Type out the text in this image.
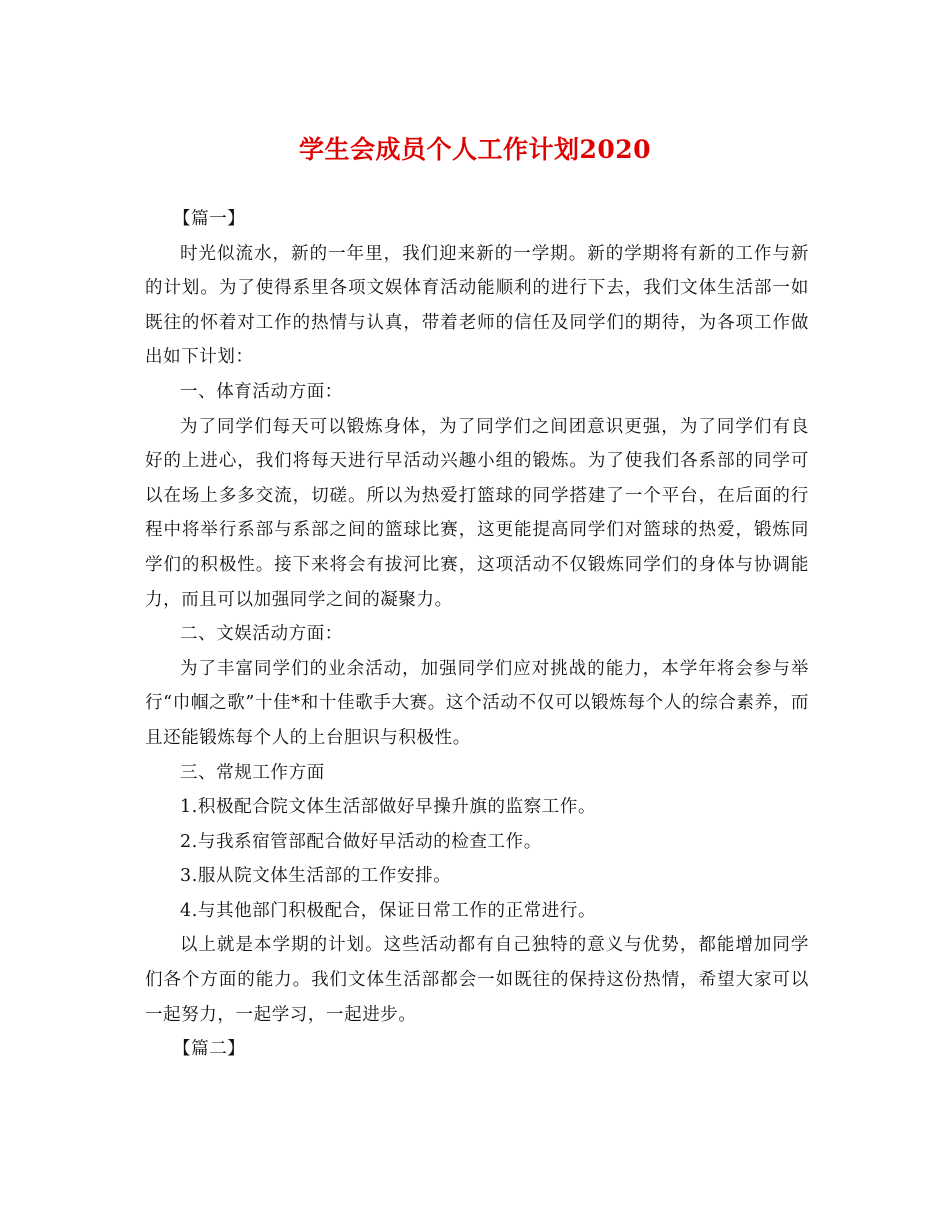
学生会成员个人工作计划2020

【篇一】

时光似流水，新的一年里，我们迎来新的一学期。新的学期将有新的工作与新的计划。为了使得系里各项文娱体育活动能顺利的进行下去，我们文体生活部一如既往的怀着对工作的热情与认真，带着老师的信任及同学们的期待，为各项工作做出如下计划：

一、体育活动方面：

为了同学们每天可以锻炼身体，为了同学们之间团意识更强，为了同学们有良好的上进心，我们将每天进行早活动兴趣小组的锻炼。为了使我们各系部的同学可以在场上多多交流，切磋。所以为热爱打篮球的同学搭建了一个平台，在后面的行程中将举行系部与系部之间的篮球比赛，这更能提高同学们对篮球的热爱，锻炼同学们的积极性。接下来将会有拔河比赛，这项活动不仅锻炼同学们的身体与协调能力，而且可以加强同学之间的凝聚力。

二、文娱活动方面：

为了丰富同学们的业余活动，加强同学们应对挑战的能力，本学年将会参与举行“巾帼之歌”十佳*和十佳歌手大赛。这个活动不仅可以锻炼每个人的综合素养，而且还能锻炼每个人的上台胆识与积极性。

三、常规工作方面

1.积极配合院文体生活部做好早操升旗的监察工作。

2.与我系宿管部配合做好早活动的检查工作。

3.服从院文体生活部的工作安排。

4.与其他部门积极配合，保证日常工作的正常进行。

以上就是本学期的计划。这些活动都有自己独特的意义与优势，都能增加同学们各个方面的能力。我们文体生活部都会一如既往的保持这份热情，希望大家可以一起努力，一起学习，一起进步。

【篇二】
